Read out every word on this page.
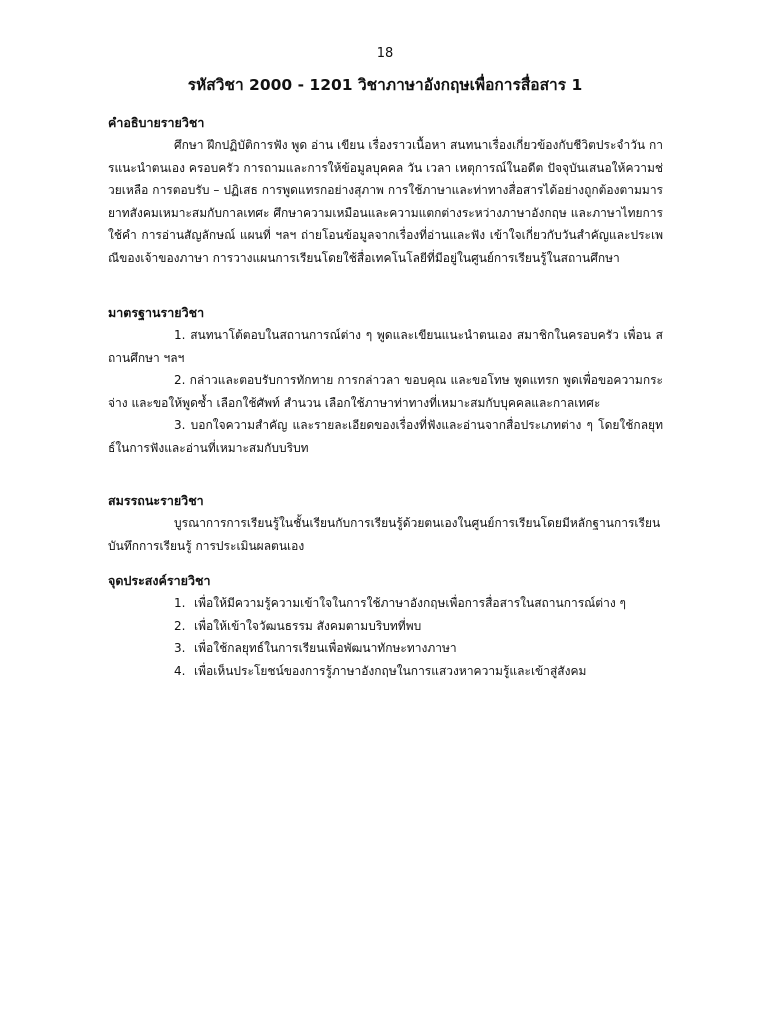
18
รหัสวิชา 2000 - 1201 วิชาภาษาอังกฤษเพื่อการสื่อสาร 1

คำอธิบายรายวิชา

ศึกษา ฝึกปฏิบัติการฟัง พูด อ่าน เขียน เรื่องราวเนื้อหา สนทนาเรื่องเกี่ยวข้องกับชีวิตประจำวัน การแนะนำตนเอง ครอบครัว การถามและการให้ข้อมูลบุคคล วัน เวลา เหตุการณ์ในอดีต ปัจจุบันเสนอให้ความช่วยเหลือ การตอบรับ – ปฏิเสธ การพูดแทรกอย่างสุภาพ การใช้ภาษาและท่าทางสื่อสารได้อย่างถูกต้องตามมารยาทสังคมเหมาะสมกับกาลเทศะ ศึกษาความเหมือนและความแตกต่างระหว่างภาษาอังกฤษ และภาษาไทยการใช้คำ การอ่านสัญลักษณ์ แผนที่ ฯลฯ ถ่ายโอนข้อมูลจากเรื่องที่อ่านและฟัง เข้าใจเกี่ยวกับวันสำคัญและประเพณีของเจ้าของภาษา การวางแผนการเรียนโดยใช้สื่อเทคโนโลยีที่มีอยู่ในศูนย์การเรียนรู้ในสถานศึกษา

มาตรฐานรายวิชา

1. สนทนาโต้ตอบในสถานการณ์ต่าง ๆ พูดและเขียนแนะนำตนเอง สมาชิกในครอบครัว เพื่อน สถานศึกษา ฯลฯ

2. กล่าวและตอบรับการทักทาย การกล่าวลา ขอบคุณ และขอโทษ พูดแทรก พูดเพื่อขอความกระจ่าง และขอให้พูดซ้ำ เลือกใช้ศัพท์ สำนวน เลือกใช้ภาษาท่าทางที่เหมาะสมกับบุคคลและกาลเทศะ

3. บอกใจความสำคัญ และรายละเอียดของเรื่องที่ฟังและอ่านจากสื่อประเภทต่าง ๆ โดยใช้กลยุทธ์ในการฟังและอ่านที่เหมาะสมกับบริบท

สมรรถนะรายวิชา

บูรณาการการเรียนรู้ในชั้นเรียนกับการเรียนรู้ด้วยตนเองในศูนย์การเรียนโดยมีหลักฐานการเรียน บันทึกการเรียนรู้ การประเมินผลตนเอง

จุดประสงค์รายวิชา

1. เพื่อให้มีความรู้ความเข้าใจในการใช้ภาษาอังกฤษเพื่อการสื่อสารในสถานการณ์ต่าง ๆ
2. เพื่อให้เข้าใจวัฒนธรรม สังคมตามบริบทที่พบ
3. เพื่อใช้กลยุทธ์ในการเรียนเพื่อพัฒนาทักษะทางภาษา
4. เพื่อเห็นประโยชน์ของการรู้ภาษาอังกฤษในการแสวงหาความรู้และเข้าสู่สังคม
